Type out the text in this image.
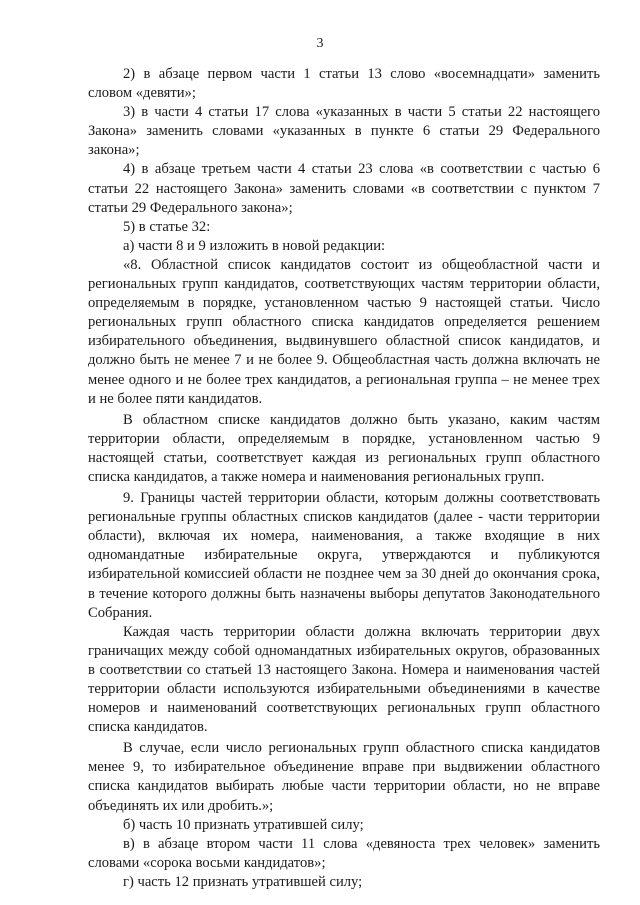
3

2) в абзаце первом части 1 статьи 13 слово «восемнадцати» заменить словом «девяти»;

3) в части 4 статьи 17 слова «указанных в части 5 статьи 22 настоящего Закона» заменить словами «указанных в пункте 6 статьи 29 Федерального закона»;

4) в абзаце третьем части 4 статьи 23 слова «в соответствии с частью 6 статьи 22 настоящего Закона» заменить словами «в соответствии с пунктом 7 статьи 29 Федерального закона»;

5) в статье 32:

а) части 8 и 9 изложить в новой редакции:

«8. Областной список кандидатов состоит из общеобластной части и региональных групп кандидатов, соответствующих частям территории области, определяемым в порядке, установленном частью 9 настоящей статьи. Число региональных групп областного списка кандидатов определяется решением избирательного объединения, выдвинувшего областной список кандидатов, и должно быть не менее 7 и не более 9. Общеобластная часть должна включать не менее одного и не более трех кандидатов, а региональная группа – не менее трех и не более пяти кандидатов.

В областном списке кандидатов должно быть указано, каким частям территории области, определяемым в порядке, установленном частью 9 настоящей статьи, соответствует каждая из региональных групп областного списка кандидатов, а также номера и наименования региональных групп.

9. Границы частей территории области, которым должны соответствовать региональные группы областных списков кандидатов (далее - части территории области), включая их номера, наименования, а также входящие в них одномандатные избирательные округа, утверждаются и публикуются избирательной комиссией области не позднее чем за 30 дней до окончания срока, в течение которого должны быть назначены выборы депутатов Законодательного Собрания.

Каждая часть территории области должна включать территории двух граничащих между собой одномандатных избирательных округов, образованных в соответствии со статьей 13 настоящего Закона. Номера и наименования частей территории области используются избирательными объединениями в качестве номеров и наименований соответствующих региональных групп областного списка кандидатов.

В случае, если число региональных групп областного списка кандидатов менее 9, то избирательное объединение вправе при выдвижении областного списка кандидатов выбирать любые части территории области, но не вправе объединять их или дробить.»;

б) часть 10 признать утратившей силу;

в) в абзаце втором части 11 слова «девяноста трех человек» заменить словами «сорока восьми кандидатов»;

г) часть 12 признать утратившей силу;
